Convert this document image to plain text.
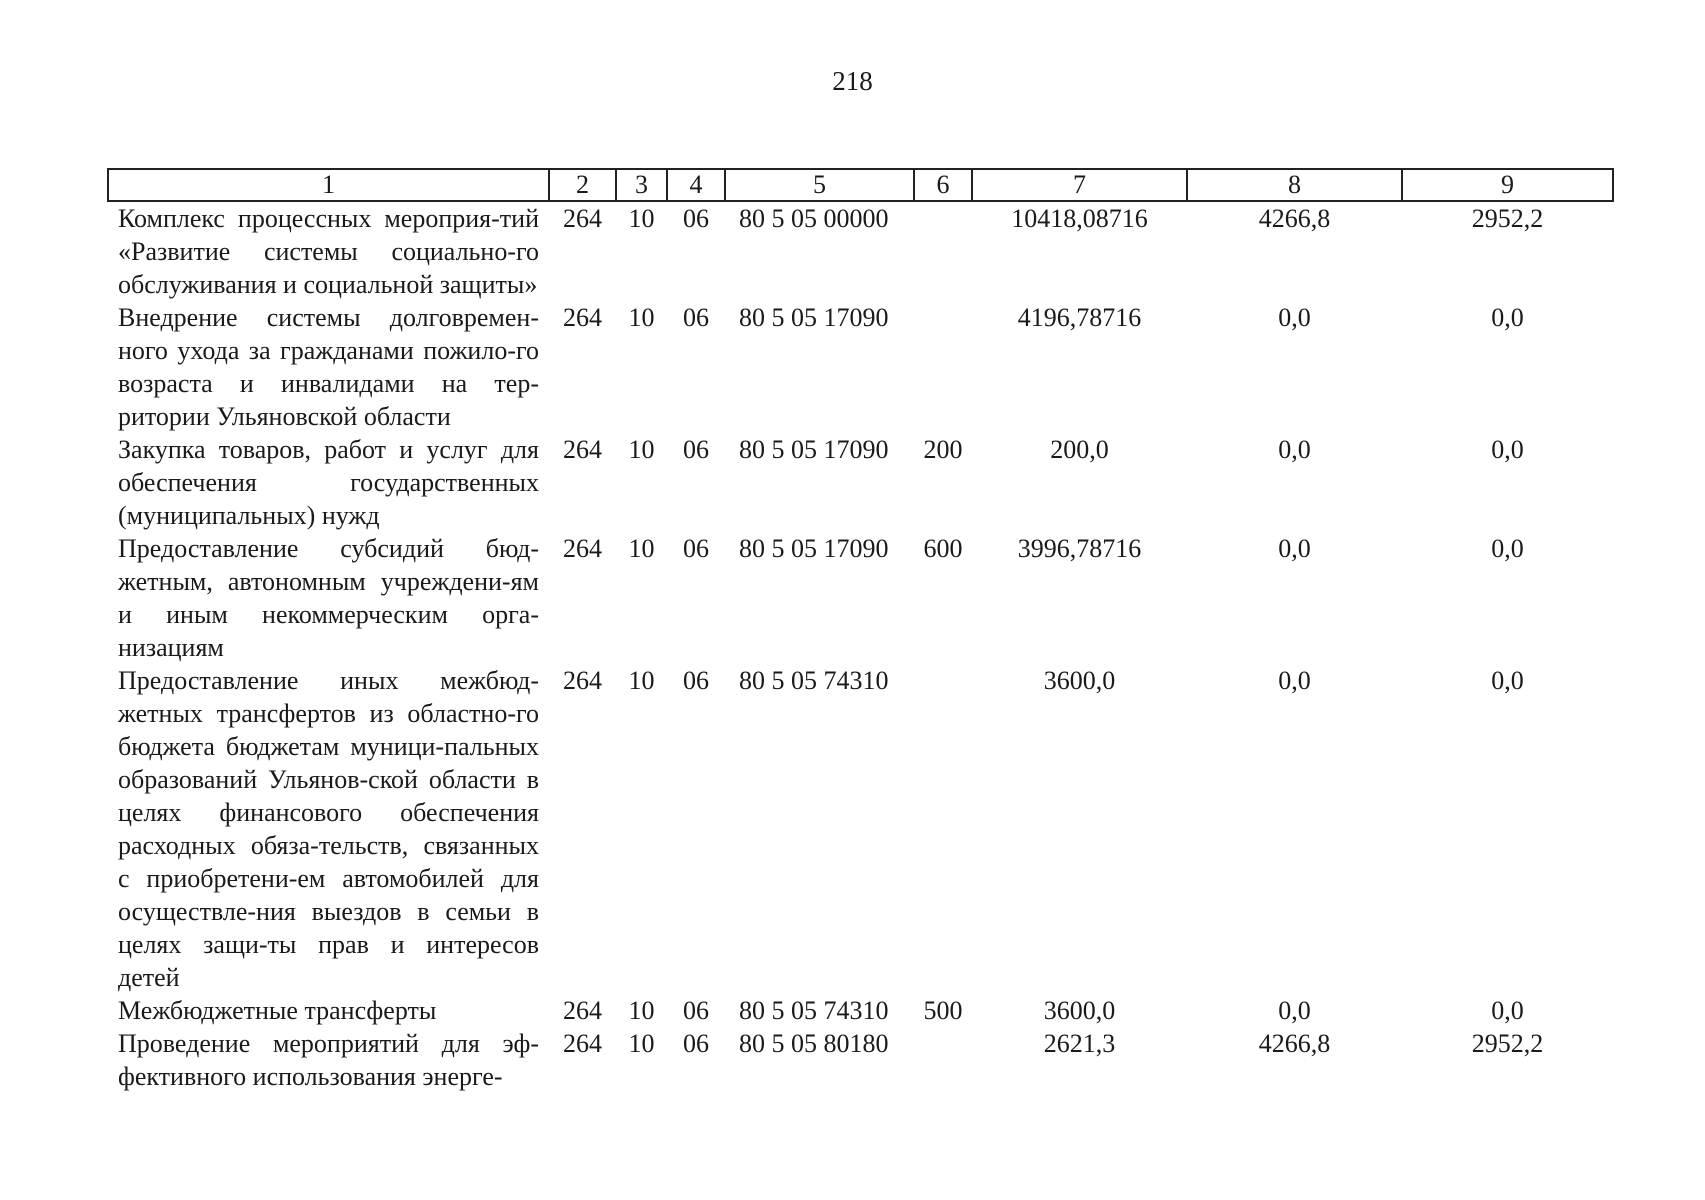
218
1	2	3	4	5	6	7	8	9
Комплекс процессных мероприя-тий «Развитие системы социально-го обслуживания и социальной защиты»	264	10	06	80 5 05 00000		10418,08716	4266,8	2952,2
Внедрение системы долговремен-ного ухода за гражданами пожило-го возраста и инвалидами на тер-ритории Ульяновской области	264	10	06	80 5 05 17090		4196,78716	0,0	0,0
Закупка товаров, работ и услуг для обеспечения государственных (муниципальных) нужд	264	10	06	80 5 05 17090	200	200,0	0,0	0,0
Предоставление субсидий бюд-жетным, автономным учреждени-ям и иным некоммерческим орга-низациям	264	10	06	80 5 05 17090	600	3996,78716	0,0	0,0
Предоставление иных межбюд-жетных трансфертов из областно-го бюджета бюджетам муници-пальных образований Ульянов-ской области в целях финансового обеспечения расходных обяза-тельств, связанных с приобретени-ем автомобилей для осуществле-ния выездов в семьи в целях защи-ты прав и интересов детей	264	10	06	80 5 05 74310		3600,0	0,0	0,0
Межбюджетные трансферты	264	10	06	80 5 05 74310	500	3600,0	0,0	0,0
Проведение мероприятий для эф-фективного использования энерге-	264	10	06	80 5 05 80180		2621,3	4266,8	2952,2
